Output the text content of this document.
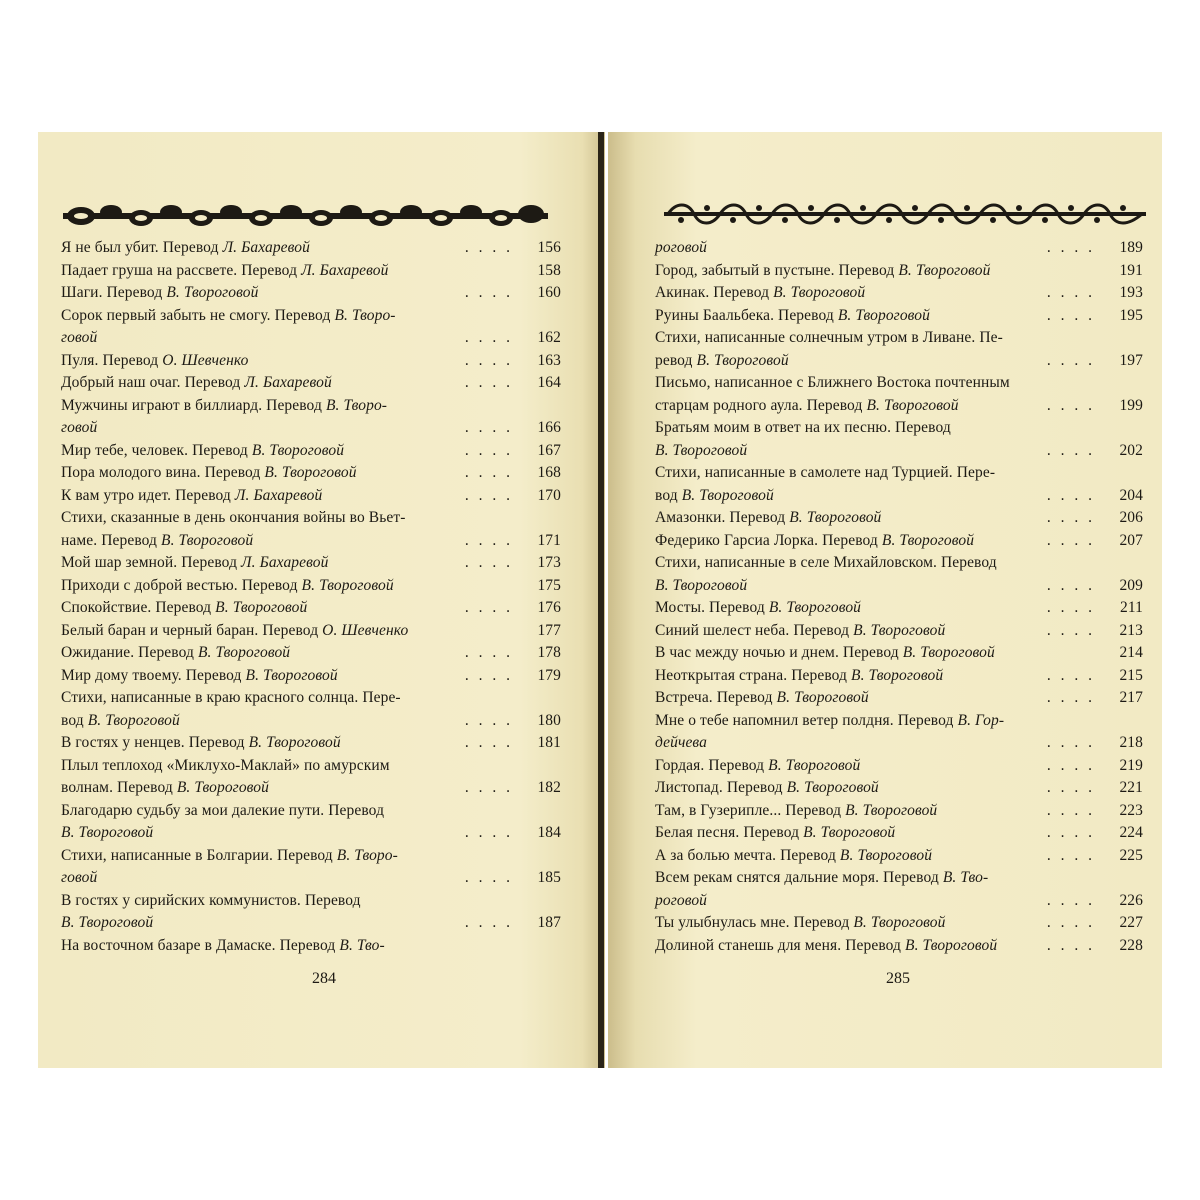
Я не был убит. Перевод Л. Бахаревой	. . . .	156
Падает груша на рассвете. Перевод Л. Бахаревой	158
Шаги. Перевод В. Твороговой	. . . .	160
Сорок первый забыть не смогу. Перевод В. Творо-
говой	. . . .	162
Пуля. Перевод О. Шевченко	. . . .	163
Добрый наш очаг. Перевод Л. Бахаревой	. . . .	164
Мужчины играют в биллиард. Перевод В. Творо-
говой	. . . .	166
Мир тебе, человек. Перевод В. Твороговой	. . . .	167
Пора молодого вина. Перевод В. Твороговой	. . . .	168
К вам утро идет. Перевод Л. Бахаревой	. . . .	170
Стихи, сказанные в день окончания войны во Вьет-
наме. Перевод В. Твороговой	. . . .	171
Мой шар земной. Перевод Л. Бахаревой	. . . .	173
Приходи с доброй вестью. Перевод В. Твороговой	175
Спокойствие. Перевод В. Твороговой	. . . .	176
Белый баран и черный баран. Перевод О. Шевченко	177
Ожидание. Перевод В. Твороговой	. . . .	178
Мир дому твоему. Перевод В. Твороговой	. . . .	179
Стихи, написанные в краю красного солнца. Пере-
вод В. Твороговой	. . . .	180
В гостях у ненцев. Перевод В. Твороговой	. . . .	181
Плыл теплоход «Миклухо-Маклай» по амурским
волнам. Перевод В. Твороговой	. . . .	182
Благодарю судьбу за мои далекие пути. Перевод
В. Твороговой	. . . .	184
Стихи, написанные в Болгарии. Перевод В. Творо-
говой	. . . .	185
В гостях у сирийских коммунистов. Перевод
В. Твороговой	. . . .	187
На восточном базаре в Дамаске. Перевод В. Тво-
284
роговой	. . . .	189
Город, забытый в пустыне. Перевод В. Твороговой	191
Акинак. Перевод В. Твороговой	. . . .	193
Руины Баальбека. Перевод В. Твороговой	. . . .	195
Стихи, написанные солнечным утром в Ливане. Пе-
ревод В. Твороговой	. . . .	197
Письмо, написанное с Ближнего Востока почтенным
старцам родного аула. Перевод В. Твороговой	. . . .	199
Братьям моим в ответ на их песню. Перевод
В. Твороговой	. . . .	202
Стихи, написанные в самолете над Турцией. Пере-
вод В. Твороговой	. . . .	204
Амазонки. Перевод В. Твороговой	. . . .	206
Федерико Гарсиа Лорка. Перевод В. Твороговой	. . . .	207
Стихи, написанные в селе Михайловском. Перевод
В. Твороговой	. . . .	209
Мосты. Перевод В. Твороговой	. . . .	211
Синий шелест неба. Перевод В. Твороговой	. . . .	213
В час между ночью и днем. Перевод В. Твороговой	214
Неоткрытая страна. Перевод В. Твороговой	. . . .	215
Встреча. Перевод В. Твороговой	. . . .	217
Мне о тебе напомнил ветер полдня. Перевод В. Гор-
дейчева	. . . .	218
Гордая. Перевод В. Твороговой	. . . .	219
Листопад. Перевод В. Твороговой	. . . .	221
Там, в Гузерипле... Перевод В. Твороговой	. . . .	223
Белая песня. Перевод В. Твороговой	. . . .	224
А за болью мечта. Перевод В. Твороговой	. . . .	225
Всем рекам снятся дальние моря. Перевод В. Тво-
роговой	. . . .	226
Ты улыбнулась мне. Перевод В. Твороговой	. . . .	227
Долиной станешь для меня. Перевод В. Твороговой	. . . .	228
285
